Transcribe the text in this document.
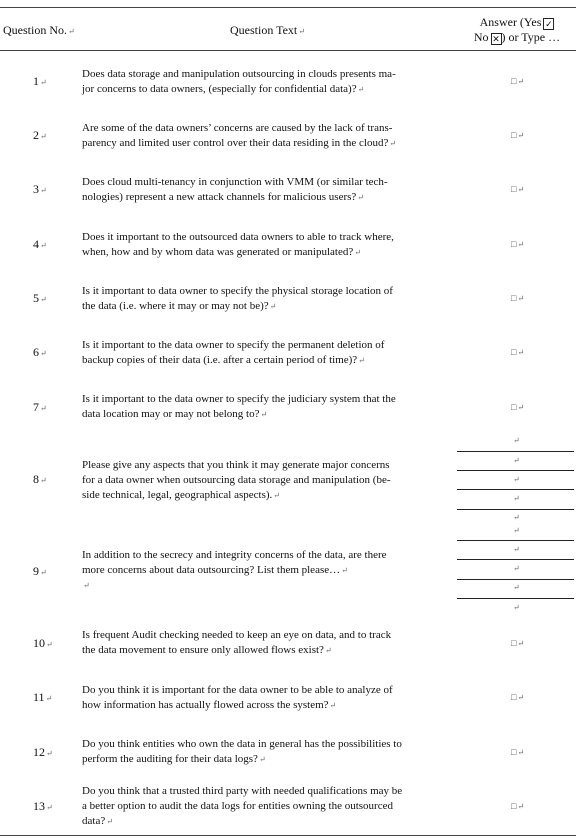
Question No.↵	Question Text↵
Answer (Yes ✓
No ✕ ) or Type …
1↵
Does data storage and manipulation outsourcing in clouds presents ma-
jor concerns to data owners, (especially for confidential data)?↵
□↵
2↵
Are some of the data owners’ concerns are caused by the lack of trans-
parency and limited user control over their data residing in the cloud?↵
□↵
3↵
Does cloud multi-tenancy in conjunction with VMM (or similar tech-
nologies) represent a new attack channels for malicious users?↵
□↵
4↵
Does it important to the outsourced data owners to able to track where,
when, how and by whom data was generated or manipulated?↵
□↵
5↵
Is it important to data owner to specify the physical storage location of
the data (i.e. where it may or may not be)?↵
□↵
6↵
Is it important to the data owner to specify the permanent deletion of
backup copies of their data (i.e. after a certain period of time)?↵
□↵
7↵
Is it important to the data owner to specify the judiciary system that the
data location may or may not belong to?↵
□↵
↵
↵
↵
↵
↵
8↵
Please give any aspects that you think it may generate major concerns
for a data owner when outsourcing data storage and manipulation (be-
side technical, legal, geographical aspects).↵
↵
↵
↵
↵
↵
9↵
In addition to the secrecy and integrity concerns of the data, are there
more concerns about data outsourcing? List them please…↵
↵
10↵
Is frequent Audit checking needed to keep an eye on data, and to track
the data movement to ensure only allowed flows exist?↵
□↵
11↵
Do you think it is important for the data owner to be able to analyze of
how information has actually flowed across the system?↵
□↵
12↵
Do you think entities who own the data in general has the possibilities to
perform the auditing for their data logs?↵
□↵
13↵
Do you think that a trusted third party with needed qualifications may be
a better option to audit the data logs for entities owning the outsourced
data?↵
□↵
